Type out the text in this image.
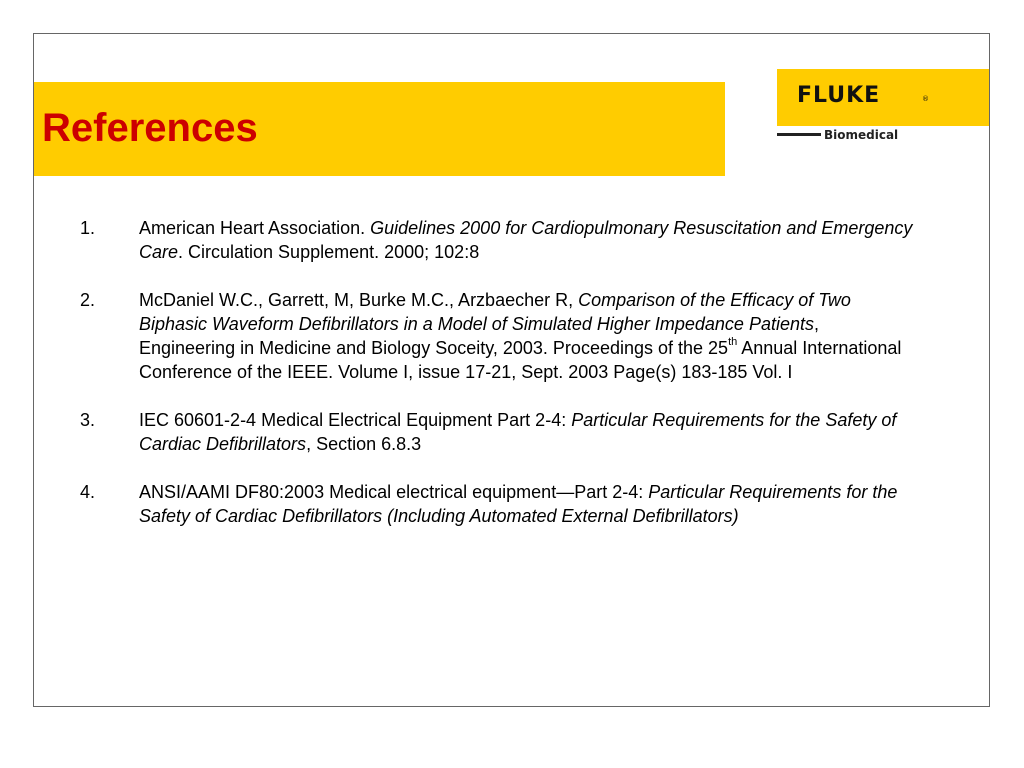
References
FLUKE	®
Biomedical
1. American Heart Association. Guidelines 2000 for Cardiopulmonary Resuscitation and Emergency Care. Circulation Supplement. 2000; 102:8
2. McDaniel W.C., Garrett, M, Burke M.C., Arzbaecher R, Comparison of the Efficacy of Two Biphasic Waveform Defibrillators in a Model of Simulated Higher Impedance Patients, Engineering in Medicine and Biology Soceity, 2003. Proceedings of the 25th Annual International Conference of the IEEE. Volume I, issue 17-21, Sept. 2003 Page(s) 183-185 Vol. I
3. IEC 60601-2-4 Medical Electrical Equipment Part 2-4: Particular Requirements for the Safety of Cardiac Defibrillators, Section 6.8.3
4. ANSI/AAMI DF80:2003 Medical electrical equipment—Part 2-4: Particular Requirements for the Safety of Cardiac Defibrillators (Including Automated External Defibrillators)
